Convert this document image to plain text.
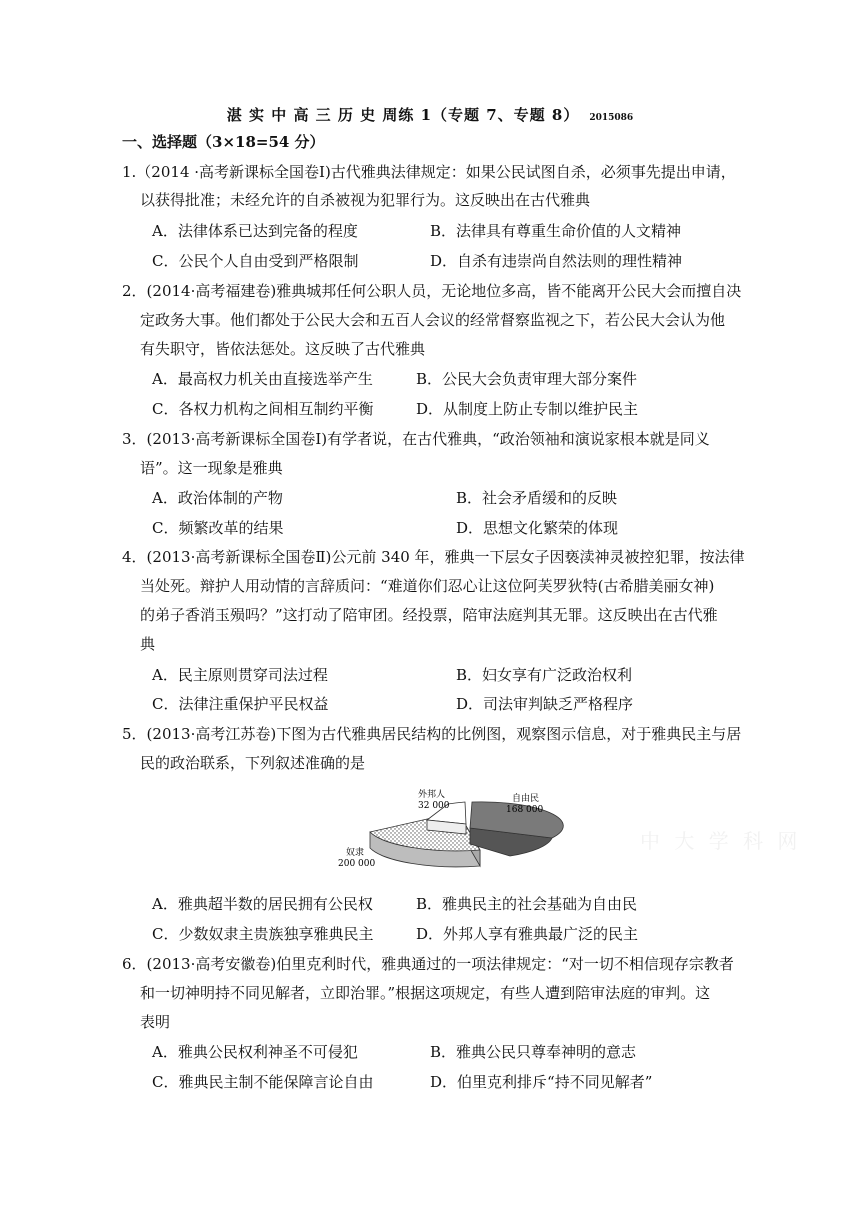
湛 实 中 高 三 历 史 周练 1（专题 7、专题 8） 2015086
一、选择题（3×18=54 分）
1.（2014 ·高考新课标全国卷Ⅰ)古代雅典法律规定：如果公民试图自杀，必须事先提出申请，
以获得批准；未经允许的自杀被视为犯罪行为。这反映出在古代雅典
A．法律体系已达到完备的程度	B．法律具有尊重生命价值的人文精神
C．公民个人自由受到严格限制	D．自杀有违崇尚自然法则的理性精神
2．(2014·高考福建卷)雅典城邦任何公职人员，无论地位多高，皆不能离开公民大会而擅自决
定政务大事。他们都处于公民大会和五百人会议的经常督察监视之下，若公民大会认为他
有失职守，皆依法惩处。这反映了古代雅典
A．最高权力机关由直接选举产生	B．公民大会负责审理大部分案件
C．各权力机构之间相互制约平衡	D．从制度上防止专制以维护民主
3．(2013·高考新课标全国卷Ⅰ)有学者说，在古代雅典，“政治领袖和演说家根本就是同义
语”。这一现象是雅典
A．政治体制的产物	B．社会矛盾缓和的反映
C．频繁改革的结果	D．思想文化繁荣的体现
4．(2013·高考新课标全国卷Ⅱ)公元前 340 年，雅典一下层女子因亵渎神灵被控犯罪，按法律
当处死。辩护人用动情的言辞质问：“难道你们忍心让这位阿芙罗狄特(古希腊美丽女神)
的弟子香消玉殒吗？”这打动了陪审团。经投票，陪审法庭判其无罪。这反映出在古代雅
典
A．民主原则贯穿司法过程	B．妇女享有广泛政治权利
C．法律注重保护平民权益	D．司法审判缺乏严格程序
5．(2013·高考江苏卷)下图为古代雅典居民结构的比例图，观察图示信息，对于雅典民主与居
民的政治联系，下列叙述准确的是
外邦人
32 000
自由民
168 000
奴隶
200 000
A．雅典超半数的居民拥有公民权	B．雅典民主的社会基础为自由民
C．少数奴隶主贵族独享雅典民主	D．外邦人享有雅典最广泛的民主
6．(2013·高考安徽卷)伯里克利时代，雅典通过的一项法律规定：“对一切不相信现存宗教者
和一切神明持不同见解者，立即治罪。”根据这项规定，有些人遭到陪审法庭的审判。这
表明
A．雅典公民权利神圣不可侵犯	B．雅典公民只尊奉神明的意志
C．雅典民主制不能保障言论自由	D．伯里克利排斥“持不同见解者”
中 大 学 科 网
